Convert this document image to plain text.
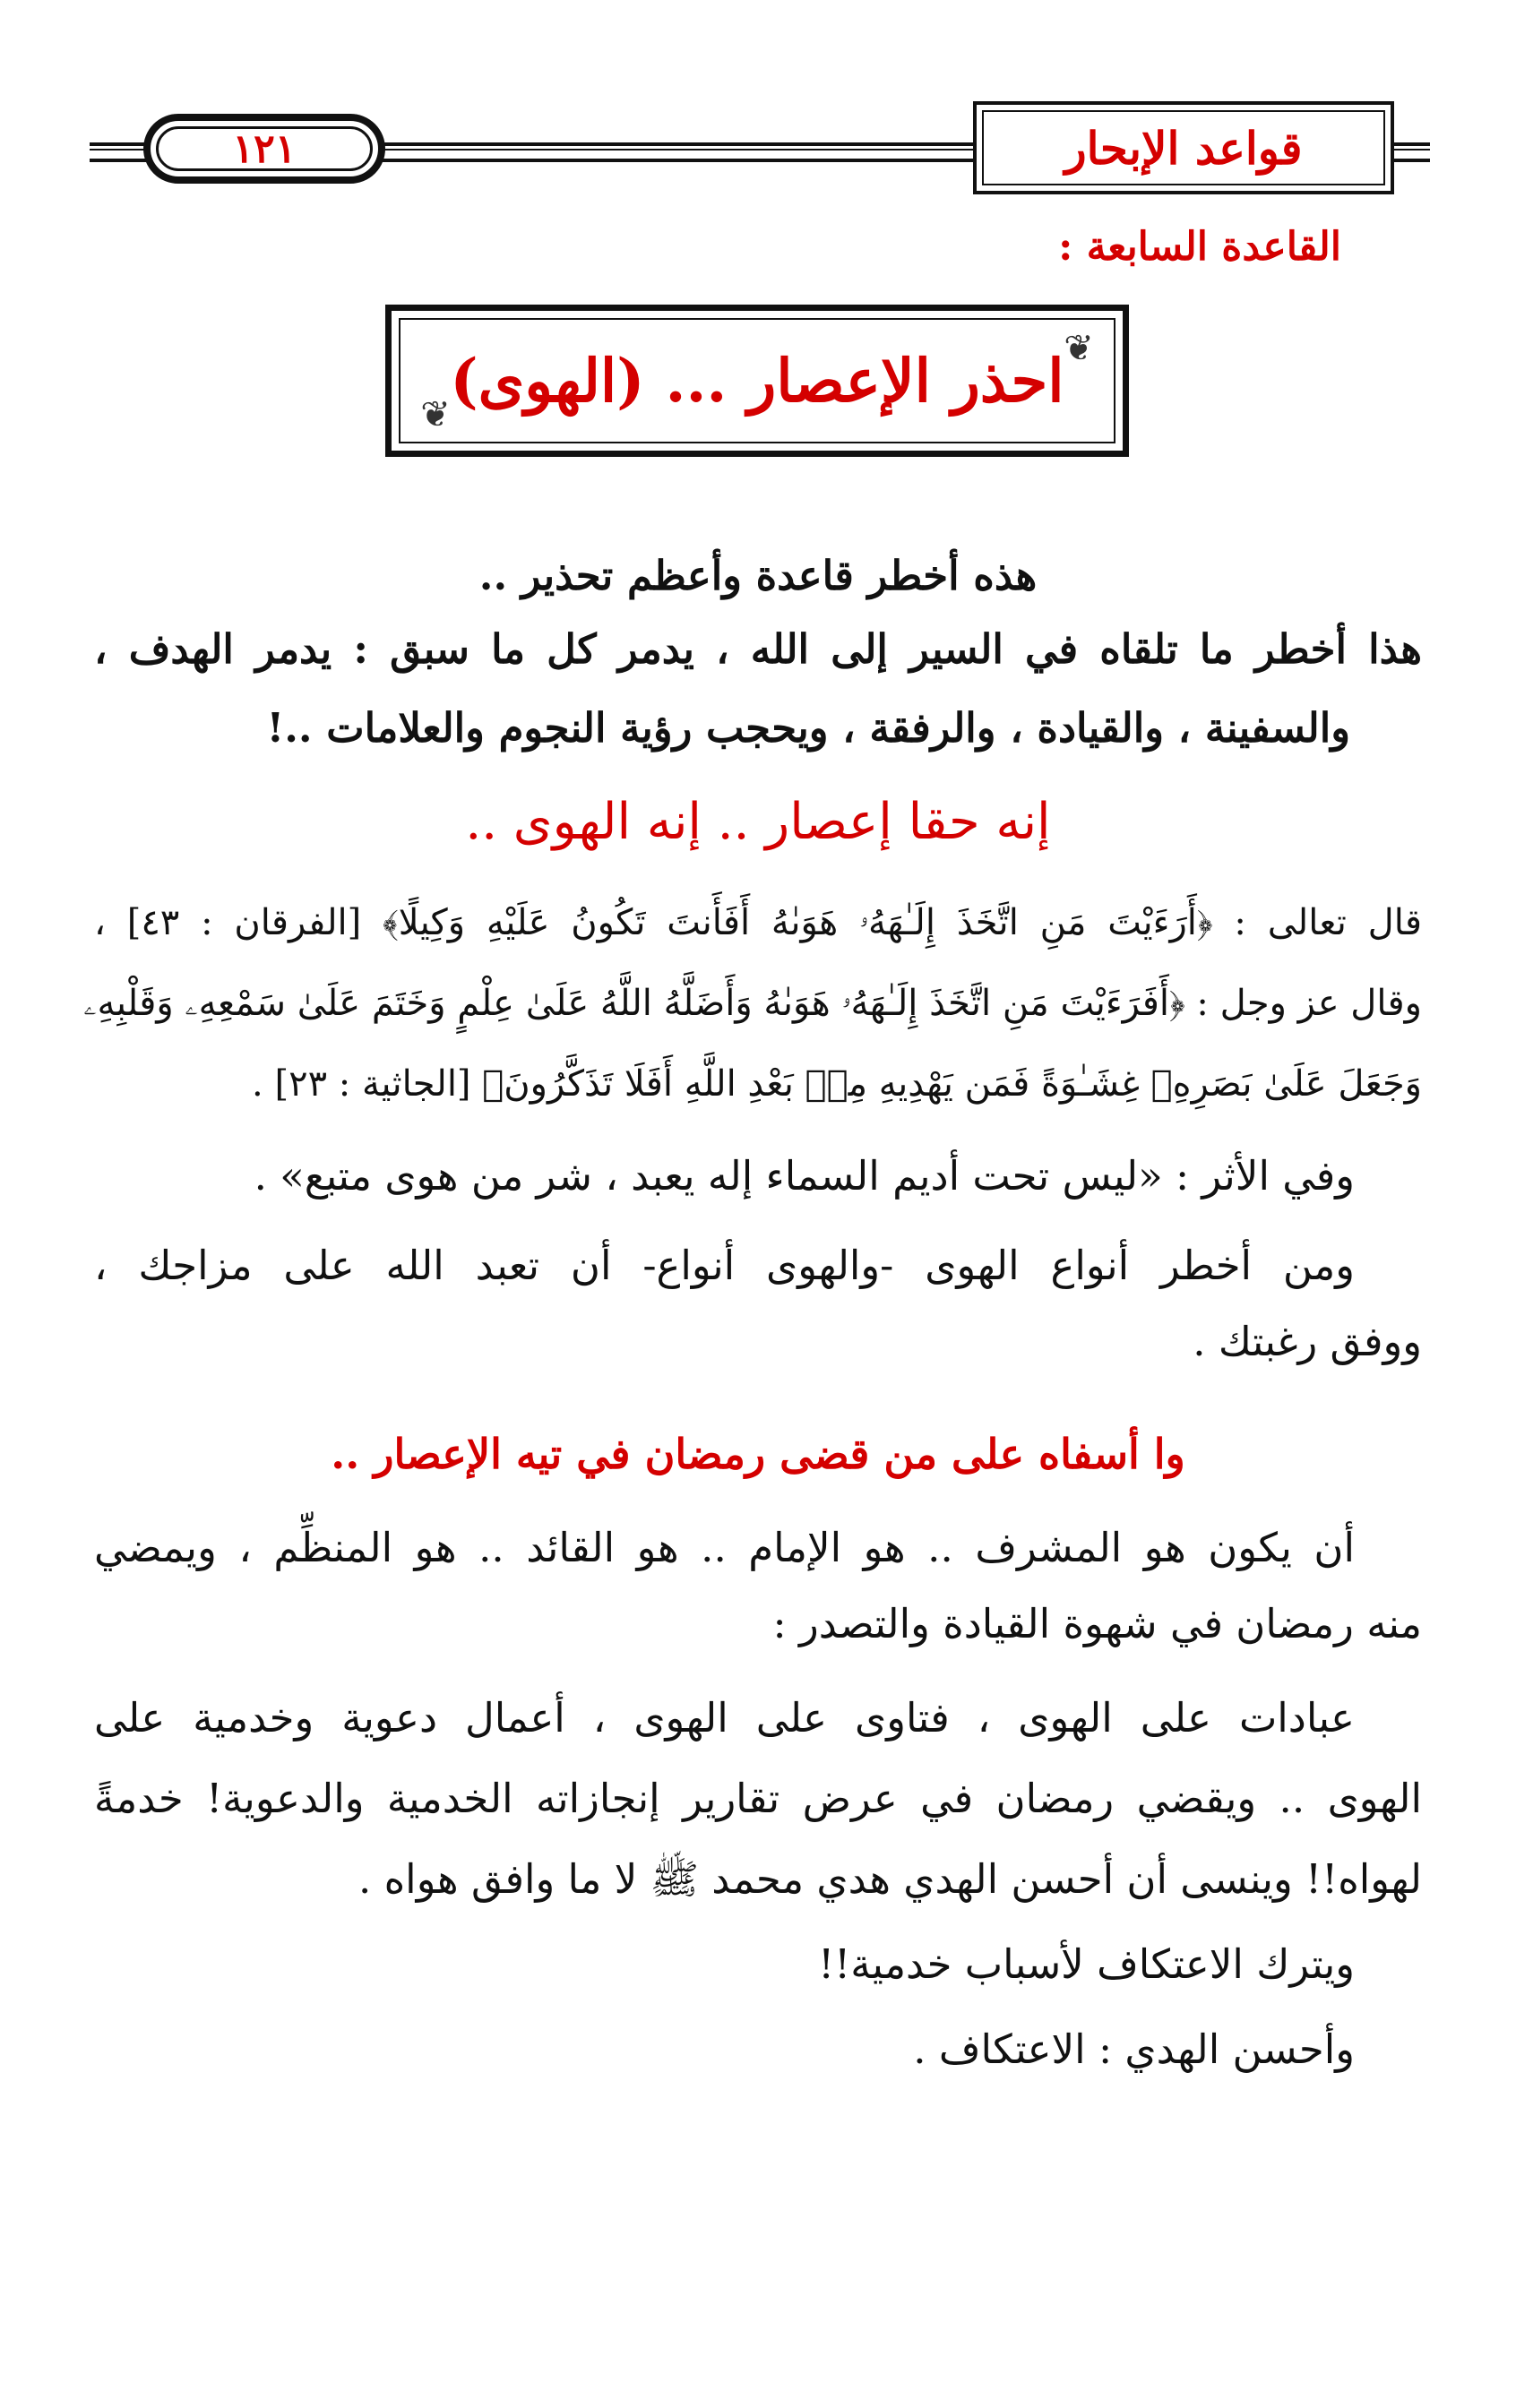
١٢١	قواعد الإبحار
القاعدة السابعة :
❦
❦ احذر الإعصار ... (الهوى)
هذه أخطر قاعدة وأعظم تحذير ..
هذا أخطر ما تلقاه في السير إلى الله ، يدمر كل ما سبق : يدمر الهدف ،
والسفينة ، والقيادة ، والرفقة ، ويحجب رؤية النجوم والعلامات ..!
إنه حقا إعصار .. إنه الهوى ..
قال تعالى : ﴿أَرَءَيْتَ مَنِ اتَّخَذَ إِلَـٰهَهُۥ هَوَىٰهُ أَفَأَنتَ تَكُونُ عَلَيْهِ وَكِيلًا﴾ [الفرقان : ٤٣] ،
وقال عز وجل : ﴿أَفَرَءَيْتَ مَنِ اتَّخَذَ إِلَـٰهَهُۥ هَوَىٰهُ وَأَضَلَّهُ اللَّهُ عَلَىٰ عِلْمٍ وَخَتَمَ عَلَىٰ سَمْعِهِۦ وَقَلْبِهِۦ
وَجَعَلَ عَلَىٰ بَصَرِهِۦ غِشَـٰوَةً فَمَن يَهْدِيهِ مِنۢ بَعْدِ اللَّهِ أَفَلَا تَذَكَّرُونَ﴾ [الجاثية : ٢٣] .
وفي الأثر : «ليس تحت أديم السماء إله يعبد ، شر من هوى متبع» .
ومن أخطر أنواع الهوى -والهوى أنواع- أن تعبد الله على مزاجك ،
ووفق رغبتك .
وا أسفاه على من قضى رمضان في تيه الإعصار ..
أن يكون هو المشرف .. هو الإمام .. هو القائد .. هو المنظِّم ، ويمضي
منه رمضان في شهوة القيادة والتصدر :
عبادات على الهوى ، فتاوى على الهوى ، أعمال دعوية وخدمية على
الهوى .. ويقضي رمضان في عرض تقارير إنجازاته الخدمية والدعوية! خدمةً
لهواه!! وينسى أن أحسن الهدي هدي محمد ﷺ لا ما وافق هواه .
ويترك الاعتكاف لأسباب خدمية!!
وأحسن الهدي : الاعتكاف .
